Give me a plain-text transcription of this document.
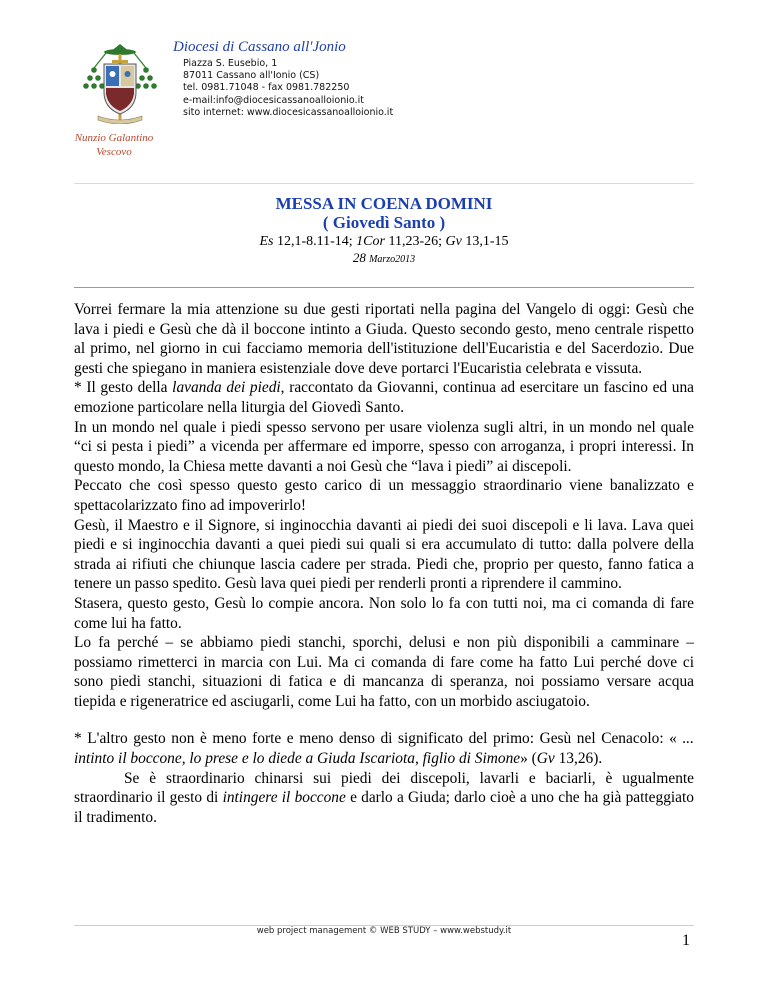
Diocesi di Cassano all'Jonio
Piazza S. Eusebio, 1
87011 Cassano all'Ionio (CS)
tel. 0981.71048 - fax 0981.782250
e-mail:info@diocesicassanoalloionio.it
sito internet: www.diocesicassanoalloionio.it
Nunzio Galantino
Vescovo
MESSA IN COENA DOMINI
( Giovedì Santo )
Es 12,1-8.11-14; 1Cor 11,23-26; Gv 13,1-15
28 Marzo2013

Vorrei fermare la mia attenzione su due gesti riportati nella pagina del Vangelo di oggi: Gesù che lava i piedi e Gesù che dà il boccone intinto a Giuda. Questo secondo gesto, meno centrale rispetto al primo, nel giorno in cui facciamo memoria dell'istituzione dell'Eucaristia e del Sacerdozio. Due gesti che spiegano in maniera esistenziale dove deve portarci l'Eucaristia celebrata e vissuta.

* Il gesto della lavanda dei piedi, raccontato da Giovanni, continua ad esercitare un fascino ed una emozione particolare nella liturgia del Giovedì Santo.

In un mondo nel quale i piedi spesso servono per usare violenza sugli altri, in un mondo nel quale “ci si pesta i piedi” a vicenda per affermare ed imporre, spesso con arroganza, i propri interessi. In questo mondo, la Chiesa mette davanti a noi Gesù che “lava i piedi” ai discepoli.

Peccato che così spesso questo gesto carico di un messaggio straordinario viene banalizzato e spettacolarizzato fino ad impoverirlo!

Gesù, il Maestro e il Signore, si inginocchia davanti ai piedi dei suoi discepoli e li lava. Lava quei piedi e si inginocchia davanti a quei piedi sui quali si era accumulato di tutto: dalla polvere della strada ai rifiuti che chiunque lascia cadere per strada. Piedi che, proprio per questo, fanno fatica a tenere un passo spedito. Gesù lava quei piedi per renderli pronti a riprendere il cammino.

Stasera, questo gesto, Gesù lo compie ancora. Non solo lo fa con tutti noi, ma ci comanda di fare come lui ha fatto.

Lo fa perché – se abbiamo piedi stanchi, sporchi, delusi e non più disponibili a camminare – possiamo rimetterci in marcia con Lui. Ma ci comanda di fare come ha fatto Lui perché dove ci sono piedi stanchi, situazioni di fatica e di mancanza di speranza, noi possiamo versare acqua tiepida e rigeneratrice ed asciugarli, come Lui ha fatto, con un morbido asciugatoio.

* L'altro gesto non è meno forte e meno denso di significato del primo: Gesù nel Cenacolo: « ... intinto il boccone, lo prese e lo diede a Giuda Iscariota, figlio di Simone» (Gv 13,26).

Se è straordinario chinarsi sui piedi dei discepoli, lavarli e baciarli, è ugualmente straordinario il gesto di intingere il boccone e darlo a Giuda; darlo cioè a uno che ha già patteggiato il tradimento.

web project management © WEB STUDY – www.webstudy.it
1
